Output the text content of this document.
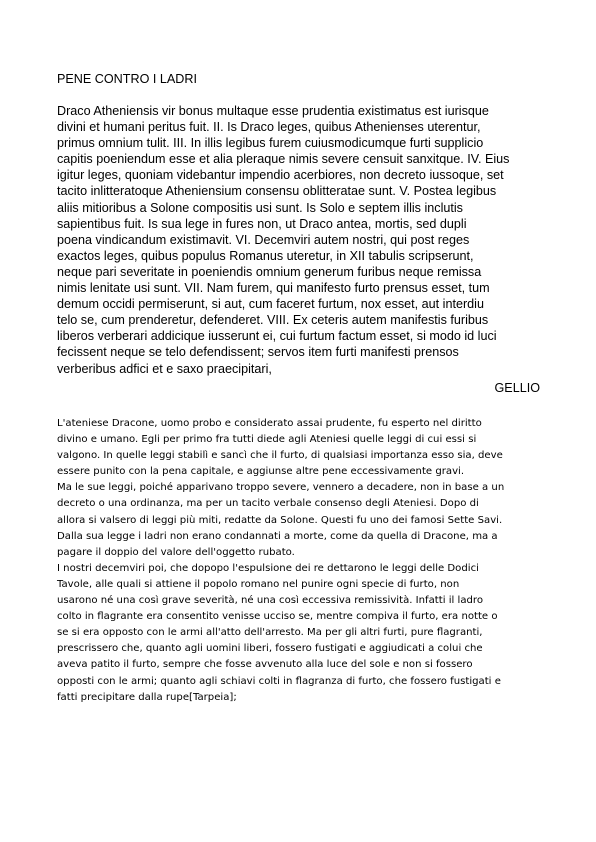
PENE CONTRO I LADRI
Draco Atheniensis vir bonus multaque esse prudentia existimatus est iurisque
divini et humani peritus fuit. II. Is Draco leges, quibus Athenienses uterentur,
primus omnium tulit. III. In illis legibus furem cuiusmodicumque furti supplicio
capitis poeniendum esse et alia pleraque nimis severe censuit sanxitque. IV. Eius
igitur leges, quoniam videbantur impendio acerbiores, non decreto iussoque, set
tacito inlitteratoque Atheniensium consensu oblitteratae sunt. V. Postea legibus
aliis mitioribus a Solone compositis usi sunt. Is Solo e septem illis inclutis
sapientibus fuit. Is sua lege in fures non, ut Draco antea, mortis, sed dupli
poena vindicandum existimavit. VI. Decemviri autem nostri, qui post reges
exactos leges, quibus populus Romanus uteretur, in XII tabulis scripserunt,
neque pari severitate in poeniendis omnium generum furibus neque remissa
nimis lenitate usi sunt. VII. Nam furem, qui manifesto furto prensus esset, tum
demum occidi permiserunt, si aut, cum faceret furtum, nox esset, aut interdiu
telo se, cum prenderetur, defenderet. VIII. Ex ceteris autem manifestis furibus
liberos verberari addicique iusserunt ei, cui furtum factum esset, si modo id luci
fecissent neque se telo defendissent; servos item furti manifesti prensos
verberibus adfici et e saxo praecipitari,
GELLIO
L'ateniese Dracone, uomo probo e considerato assai prudente, fu esperto nel diritto
divino e umano. Egli per primo fra tutti diede agli Ateniesi quelle leggi di cui essi si
valgono. In quelle leggi stabilì e sancì che il furto, di qualsiasi importanza esso sia, deve
essere punito con la pena capitale, e aggiunse altre pene eccessivamente gravi.
Ma le sue leggi, poiché apparivano troppo severe, vennero a decadere, non in base a un
decreto o una ordinanza, ma per un tacito verbale consenso degli Ateniesi. Dopo di
allora si valsero di leggi più miti, redatte da Solone. Questi fu uno dei famosi Sette Savi.
Dalla sua legge i ladri non erano condannati a morte, come da quella di Dracone, ma a
pagare il doppio del valore dell'oggetto rubato.
I nostri decemviri poi, che dopopo l'espulsione dei re dettarono le leggi delle Dodici
Tavole, alle quali si attiene il popolo romano nel punire ogni specie di furto, non
usarono né una così grave severità, né una così eccessiva remissività. Infatti il ladro
colto in flagrante era consentito venisse ucciso se, mentre compiva il furto, era notte o
se si era opposto con le armi all'atto dell'arresto. Ma per gli altri furti, pure flagranti,
prescrissero che, quanto agli uomini liberi, fossero fustigati e aggiudicati a colui che
aveva patito il furto, sempre che fosse avvenuto alla luce del sole e non si fossero
opposti con le armi; quanto agli schiavi colti in flagranza di furto, che fossero fustigati e
fatti precipitare dalla rupe[Tarpeia];
